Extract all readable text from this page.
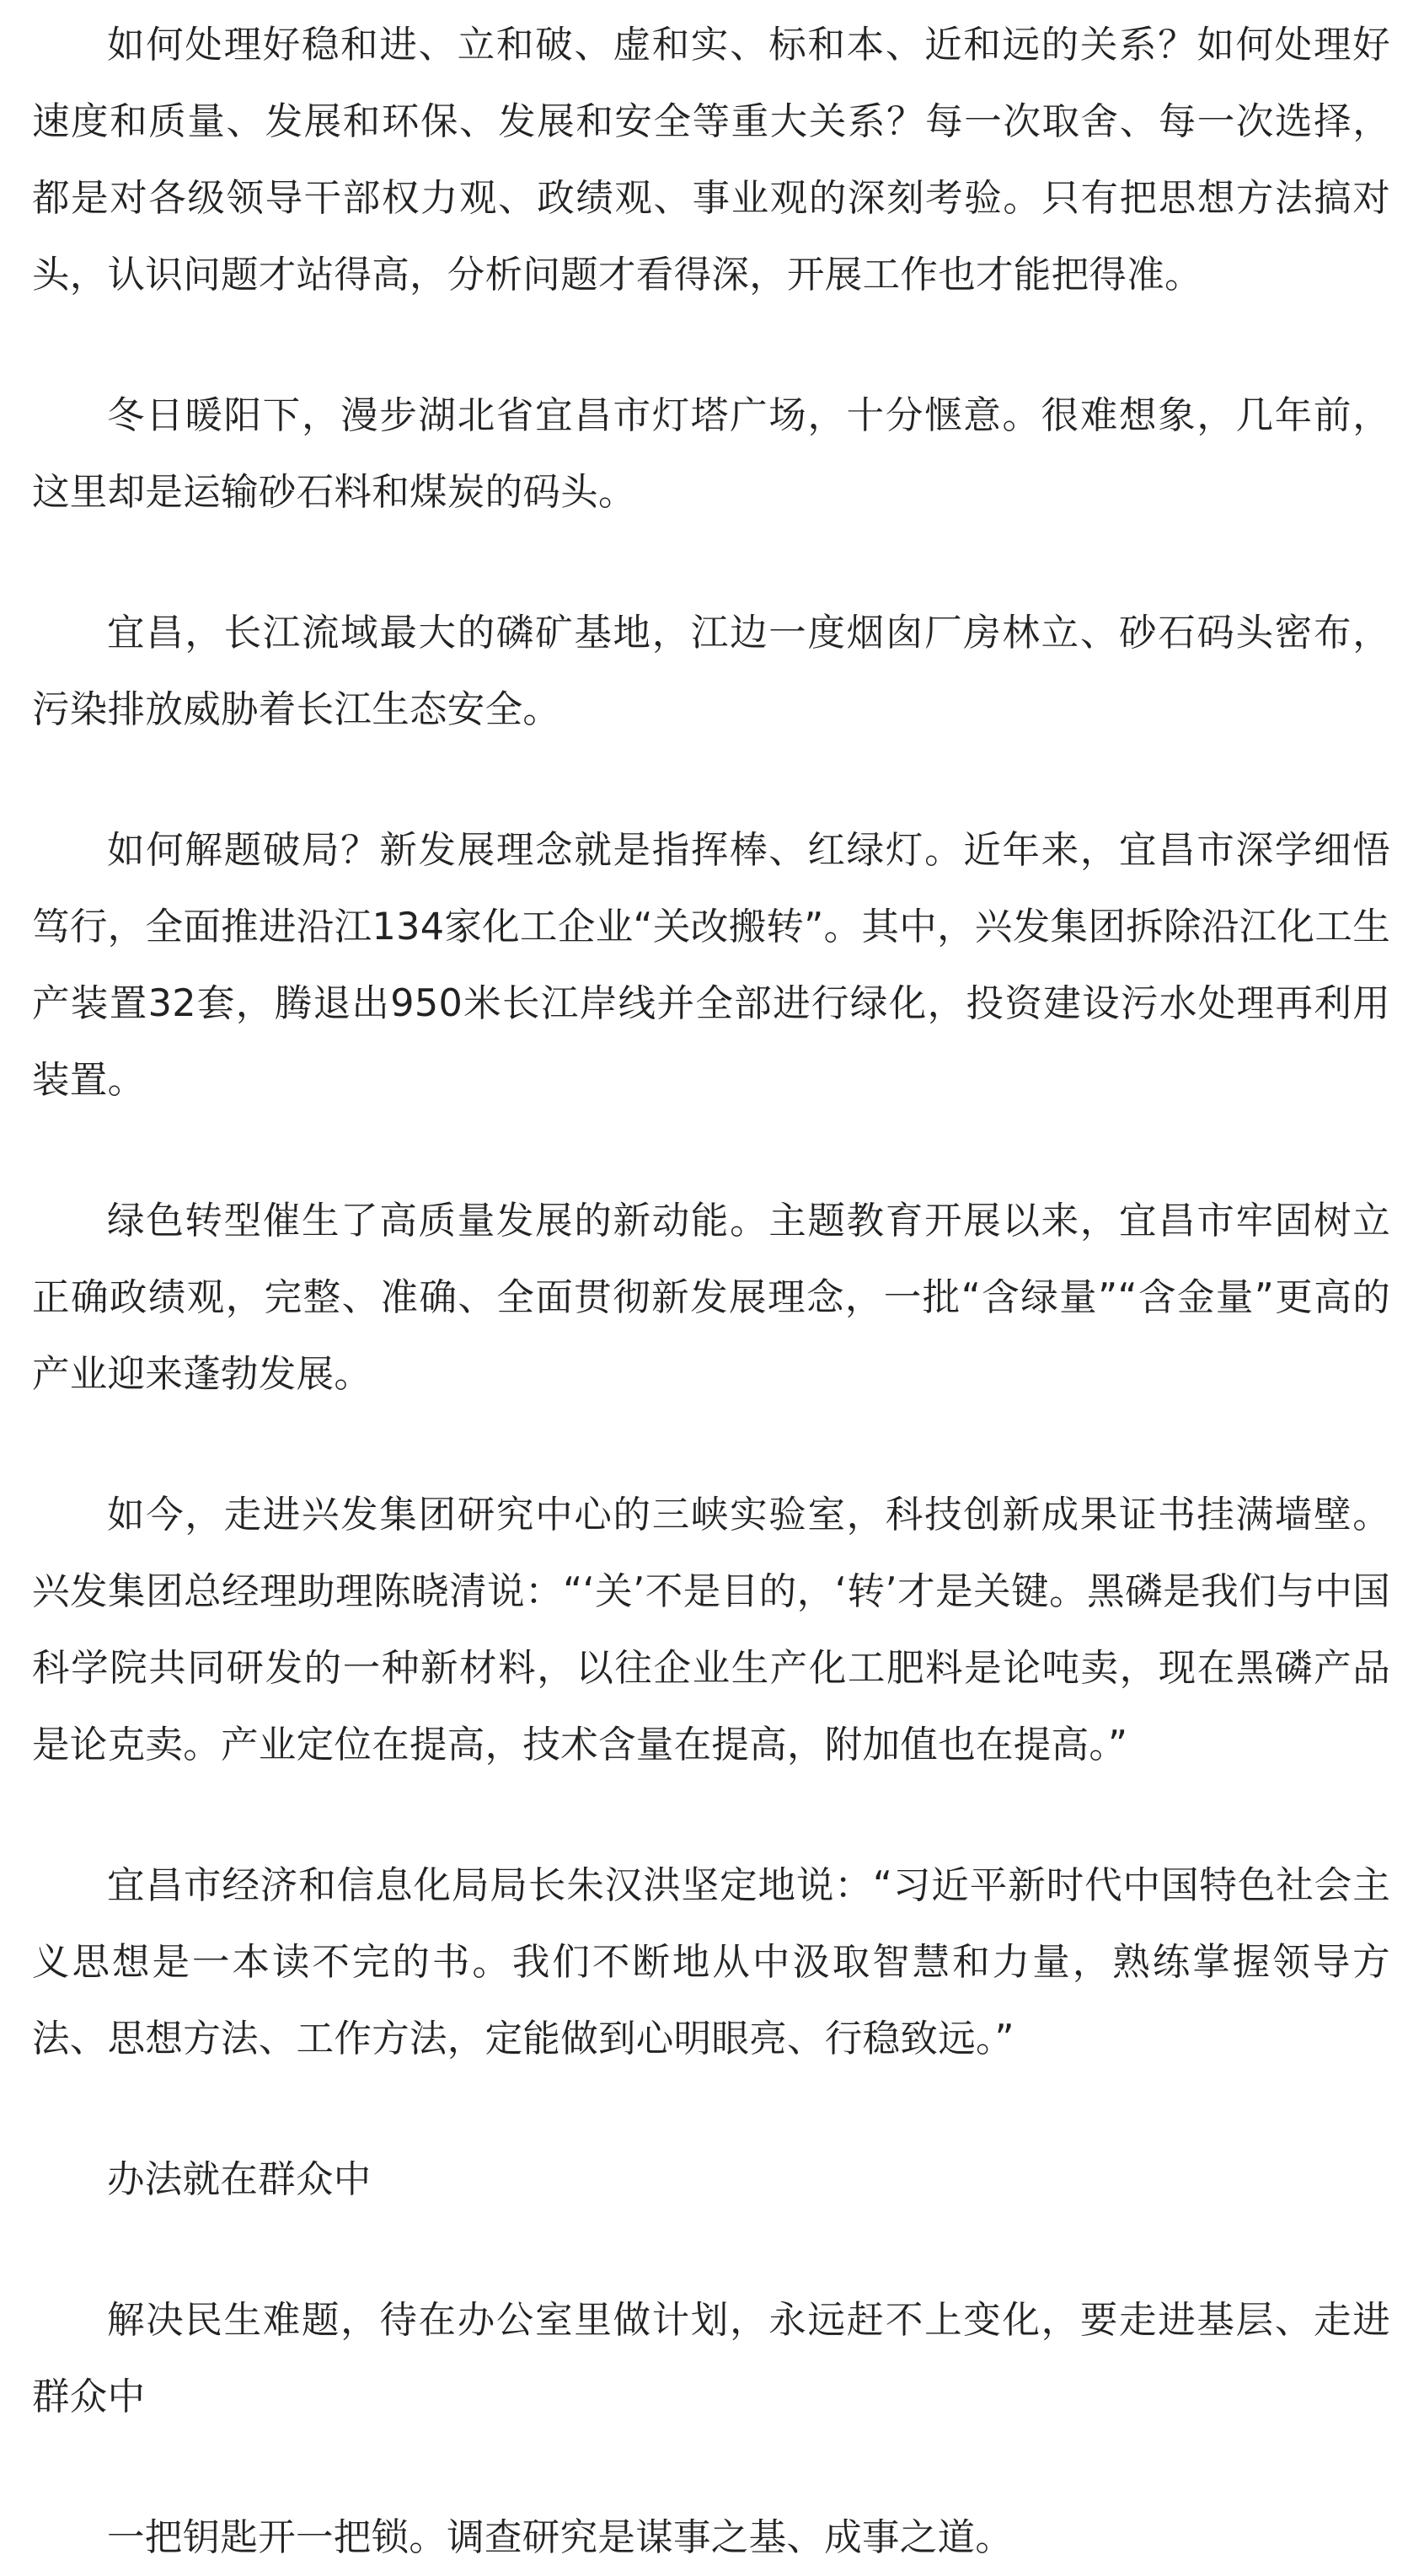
如何处理好稳和进、立和破、虚和实、标和本、近和远的关系？如何处理好速度和质量、发展和环保、发展和安全等重大关系？每一次取舍、每一次选择，都是对各级领导干部权力观、政绩观、事业观的深刻考验。只有把思想方法搞对头，认识问题才站得高，分析问题才看得深，开展工作也才能把得准。

冬日暖阳下，漫步湖北省宜昌市灯塔广场，十分惬意。很难想象，几年前，这里却是运输砂石料和煤炭的码头。

宜昌，长江流域最大的磷矿基地，江边一度烟囱厂房林立、砂石码头密布，污染排放威胁着长江生态安全。

如何解题破局？新发展理念就是指挥棒、红绿灯。近年来，宜昌市深学细悟笃行，全面推进沿江134家化工企业“关改搬转”。其中，兴发集团拆除沿江化工生产装置32套，腾退出950米长江岸线并全部进行绿化，投资建设污水处理再利用装置。

绿色转型催生了高质量发展的新动能。主题教育开展以来，宜昌市牢固树立正确政绩观，完整、准确、全面贯彻新发展理念，一批“含绿量”“含金量”更高的产业迎来蓬勃发展。

如今，走进兴发集团研究中心的三峡实验室，科技创新成果证书挂满墙壁。兴发集团总经理助理陈晓清说：“‘关’不是目的，‘转’才是关键。黑磷是我们与中国科学院共同研发的一种新材料，以往企业生产化工肥料是论吨卖，现在黑磷产品是论克卖。产业定位在提高，技术含量在提高，附加值也在提高。”

宜昌市经济和信息化局局长朱汉洪坚定地说：“习近平新时代中国特色社会主义思想是一本读不完的书。我们不断地从中汲取智慧和力量，熟练掌握领导方法、思想方法、工作方法，定能做到心明眼亮、行稳致远。”

办法就在群众中

解决民生难题，待在办公室里做计划，永远赶不上变化，要走进基层、走进群众中

一把钥匙开一把锁。调查研究是谋事之基、成事之道。
